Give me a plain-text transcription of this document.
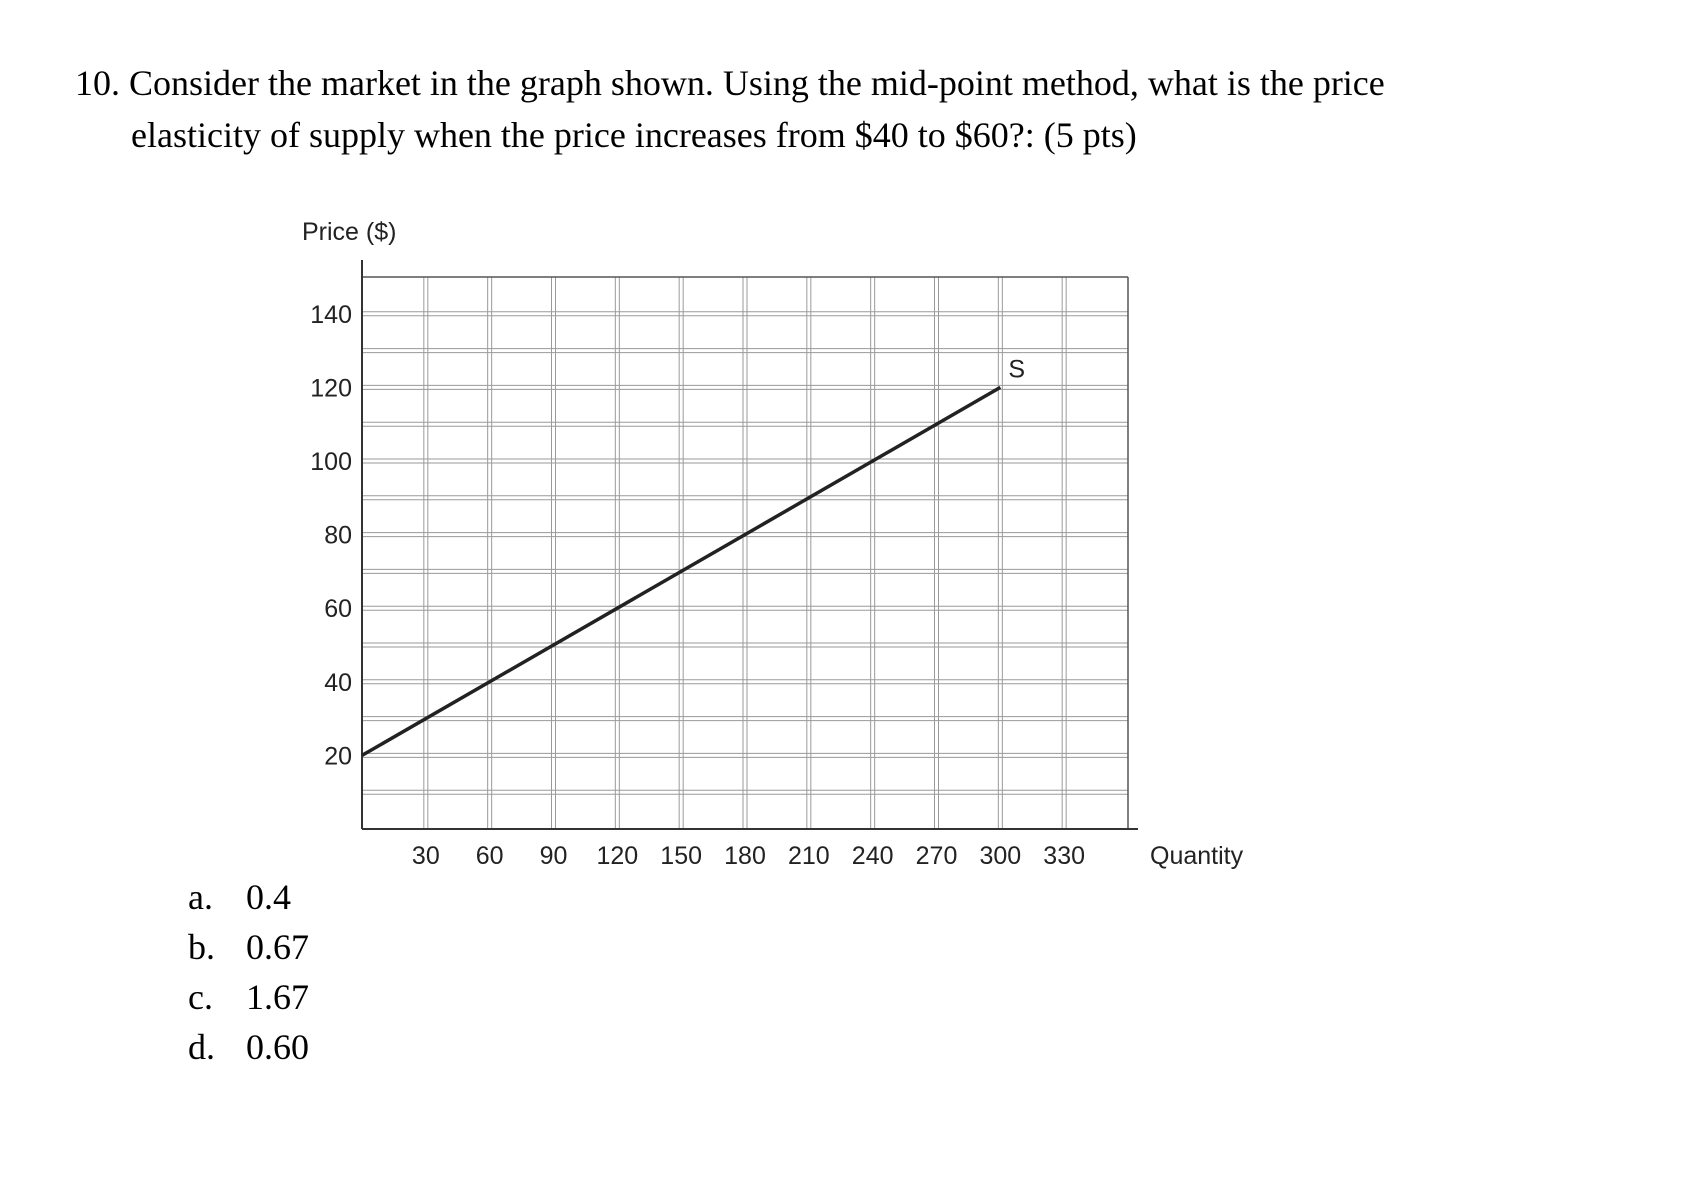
10. Consider the market in the graph shown. Using the mid-point method, what is the price
elasticity of supply when the price increases from $40 to $60?: (5 pts)
20
40
60
80
100
120
140
30 60 90 120 150 180 210 240 270 300 330
Price ($)
Quantity
S
a. 0.4
b. 0.67
c. 1.67
d. 0.60
